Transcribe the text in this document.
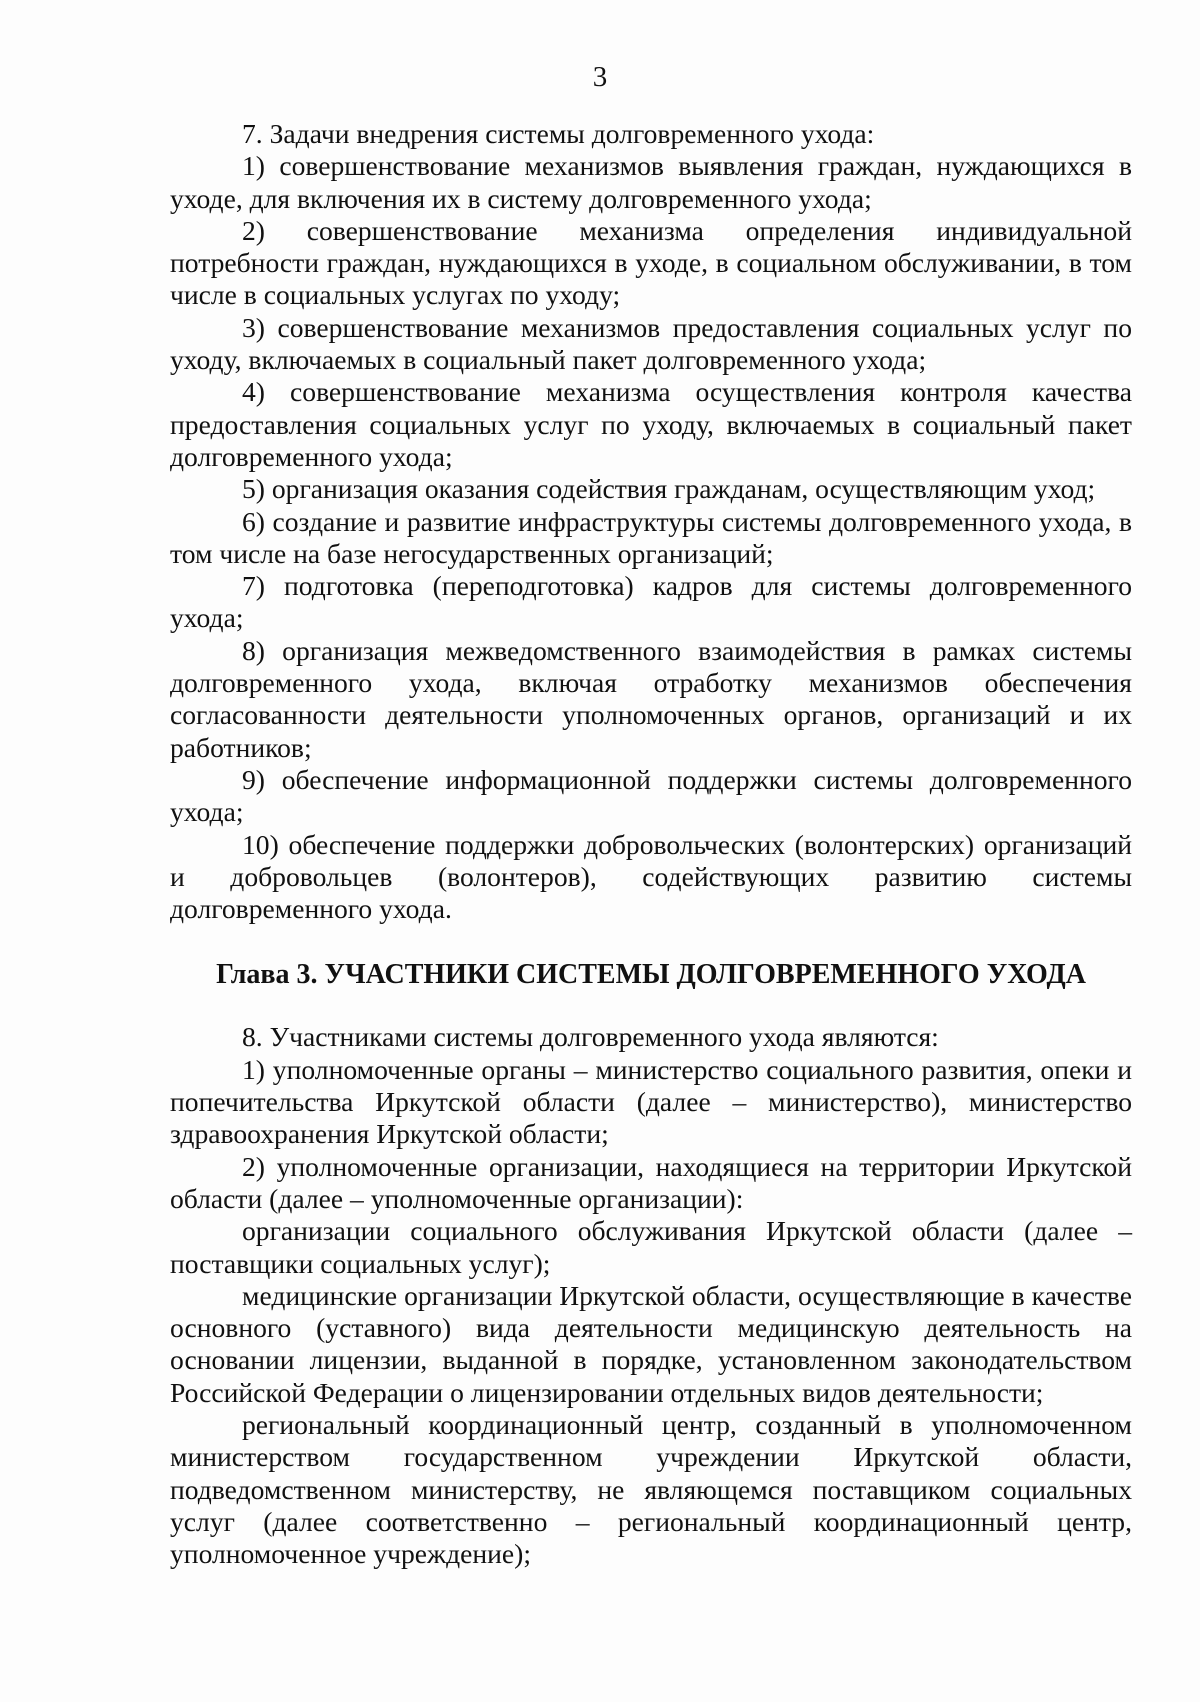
3

7. Задачи внедрения системы долговременного ухода:

1) совершенствование механизмов выявления граждан, нуждающихся в уходе, для включения их в систему долговременного ухода;

2) совершенствование механизма определения индивидуальной потребности граждан, нуждающихся в уходе, в социальном обслуживании, в том числе в социальных услугах по уходу;

3) совершенствование механизмов предоставления социальных услуг по уходу, включаемых в социальный пакет долговременного ухода;

4) совершенствование механизма осуществления контроля качества предоставления социальных услуг по уходу, включаемых в социальный пакет долговременного ухода;

5) организация оказания содействия гражданам, осуществляющим уход;

6) создание и развитие инфраструктуры системы долговременного ухода, в том числе на базе негосударственных организаций;

7) подготовка (переподготовка) кадров для системы долговременного ухода;

8) организация межведомственного взаимодействия в рамках системы долговременного ухода, включая отработку механизмов обеспечения согласованности деятельности уполномоченных органов, организаций и их работников;

9) обеспечение информационной поддержки системы долговременного ухода;

10) обеспечение поддержки добровольческих (волонтерских) организаций и добровольцев (волонтеров), содействующих развитию системы долговременного ухода.

Глава 3. УЧАСТНИКИ СИСТЕМЫ ДОЛГОВРЕМЕННОГО УХОДА

8. Участниками системы долговременного ухода являются:

1) уполномоченные органы – министерство социального развития, опеки и попечительства Иркутской области (далее – министерство), министерство здравоохранения Иркутской области;

2) уполномоченные организации, находящиеся на территории Иркутской области (далее – уполномоченные организации):

организации социального обслуживания Иркутской области (далее – поставщики социальных услуг);

медицинские организации Иркутской области, осуществляющие в качестве основного (уставного) вида деятельности медицинскую деятельность на основании лицензии, выданной в порядке, установленном законодательством Российской Федерации о лицензировании отдельных видов деятельности;

региональный координационный центр, созданный в уполномоченном министерством государственном учреждении Иркутской области, подведомственном министерству, не являющемся поставщиком социальных услуг (далее соответственно – региональный координационный центр, уполномоченное учреждение);
